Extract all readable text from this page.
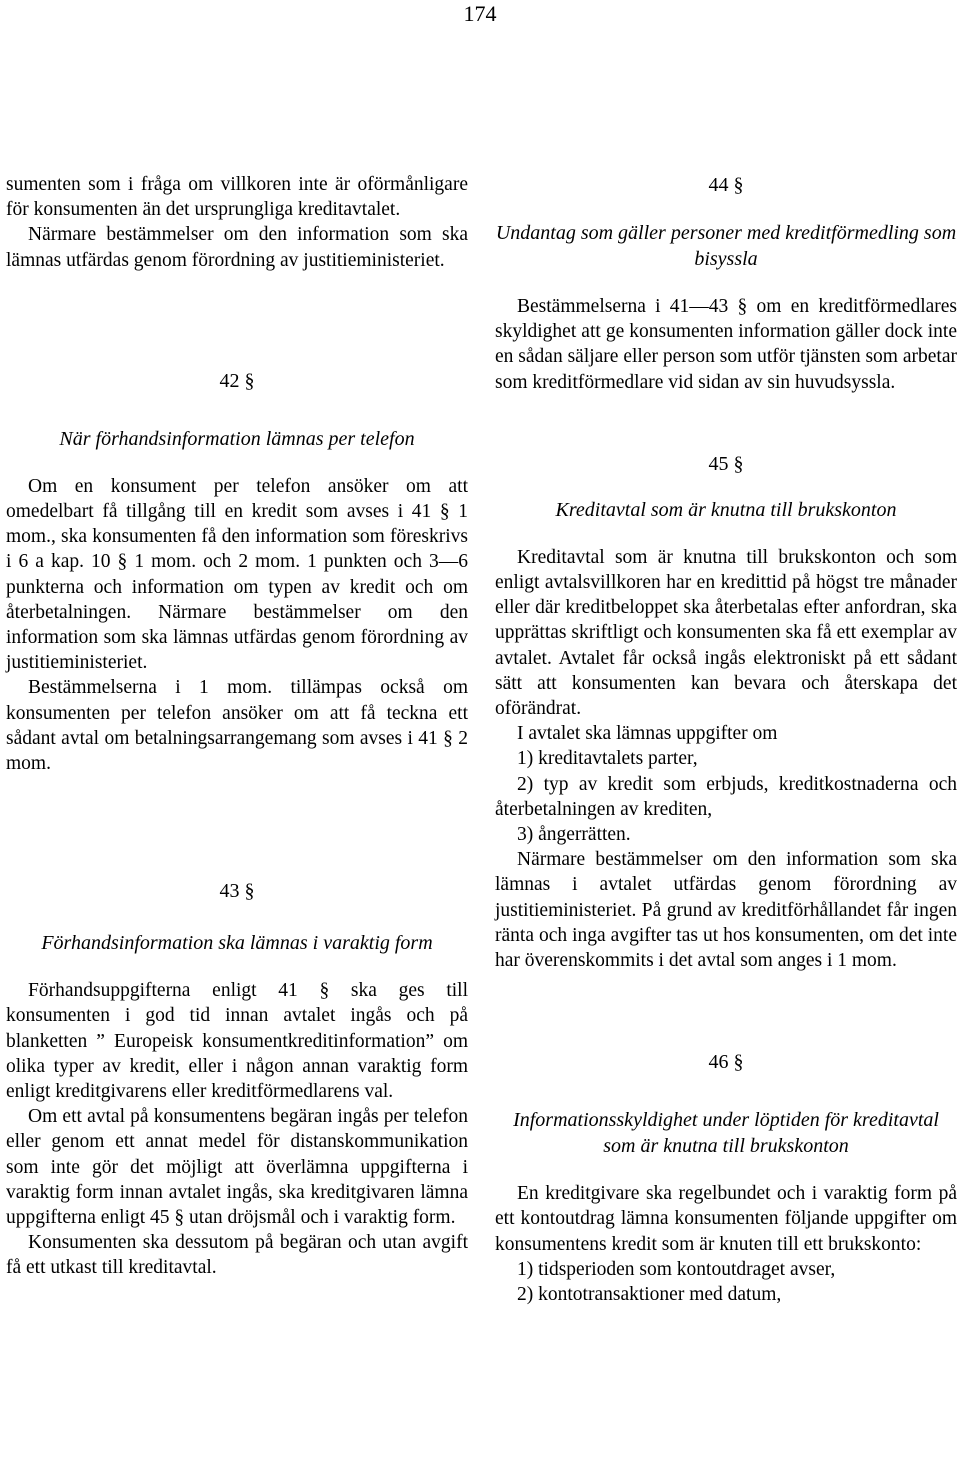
174

sumenten som i fråga om villkoren inte är oförmånligare för konsumenten än det ursprungliga kreditavtalet.

Närmare bestämmelser om den information som ska lämnas utfärdas genom förordning av justitieministeriet.

42 §
När förhandsinformation lämnas per telefon

Om en konsument per telefon ansöker om att omedelbart få tillgång till en kredit som avses i 41 § 1 mom., ska konsumenten få den information som föreskrivs i 6 a kap. 10 § 1 mom. och 2 mom. 1 punkten och 3—6 punkterna och information om typen av kredit och om återbetalningen. Närmare bestämmelser om den information som ska lämnas utfärdas genom förordning av justitieministeriet.

Bestämmelserna i 1 mom. tillämpas också om konsumenten per telefon ansöker om att få teckna ett sådant avtal om betalningsarrangemang som avses i 41 § 2 mom.

43 §
Förhandsinformation ska lämnas i varaktig form

Förhandsuppgifterna enligt 41 § ska ges till konsumenten i god tid innan avtalet ingås och på blanketten ” Europeisk konsumentkreditinformation” om olika typer av kredit, eller i någon annan varaktig form enligt kreditgivarens eller kreditförmedlarens val.

Om ett avtal på konsumentens begäran ingås per telefon eller genom ett annat medel för distanskommunikation som inte gör det möjligt att överlämna uppgifterna i varaktig form innan avtalet ingås, ska kreditgivaren lämna uppgifterna enligt 45 § utan dröjsmål och i varaktig form.

Konsumenten ska dessutom på begäran och utan avgift få ett utkast till kreditavtal.

44 §
Undantag som gäller personer med kreditförmedling som bisyssla

Bestämmelserna i 41—43 § om en kreditförmedlares skyldighet att ge konsumenten information gäller dock inte en sådan säljare eller person som utför tjänsten som arbetar som kreditförmedlare vid sidan av sin huvudsyssla.

45 §
Kreditavtal som är knutna till brukskonton

Kreditavtal som är knutna till brukskonton och som enligt avtalsvillkoren har en kredittid på högst tre månader eller där kreditbeloppet ska återbetalas efter anfordran, ska upprättas skriftligt och konsumenten ska få ett exemplar av avtalet. Avtalet får också ingås elektroniskt på ett sådant sätt att konsumenten kan bevara och återskapa det oförändrat.

I avtalet ska lämnas uppgifter om

1) kreditavtalets parter,

2) typ av kredit som erbjuds, kreditkostnaderna och återbetalningen av krediten,

3) ångerrätten.

Närmare bestämmelser om den information som ska lämnas i avtalet utfärdas genom förordning av justitieministeriet. På grund av kreditförhållandet får ingen ränta och inga avgifter tas ut hos konsumenten, om det inte har överenskommits i det avtal som anges i 1 mom.

46 §
Informationsskyldighet under löptiden för kreditavtal som är knutna till brukskonton

En kreditgivare ska regelbundet och i varaktig form på ett kontoutdrag lämna konsumenten följande uppgifter om konsumentens kredit som är knuten till ett brukskonto:

1) tidsperioden som kontoutdraget avser,

2) kontotransaktioner med datum,
